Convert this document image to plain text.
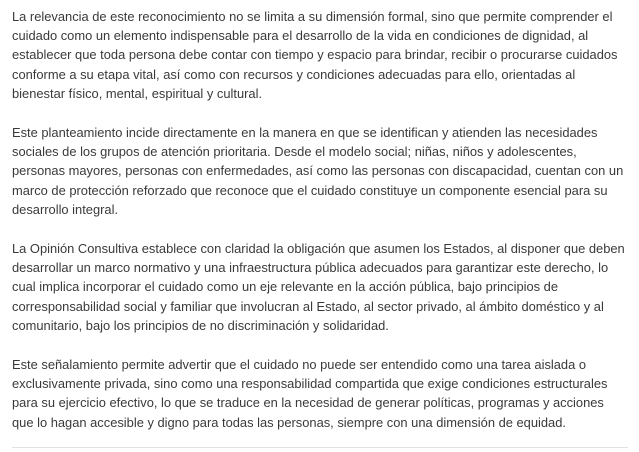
La relevancia de este reconocimiento no se limita a su dimensión formal, sino que permite comprender el cuidado como un elemento indispensable para el desarrollo de la vida en condiciones de dignidad, al establecer que toda persona debe contar con tiempo y espacio para brindar, recibir o procurarse cuidados conforme a su etapa vital, así como con recursos y condiciones adecuadas para ello, orientadas al bienestar físico, mental, espiritual y cultural.

Este planteamiento incide directamente en la manera en que se identifican y atienden las necesidades sociales de los grupos de atención prioritaria. Desde el modelo social; niñas, niños y adolescentes, personas mayores, personas con enfermedades, así como las personas con discapacidad, cuentan con un marco de protección reforzado que reconoce que el cuidado constituye un componente esencial para su desarrollo integral.

La Opinión Consultiva establece con claridad la obligación que asumen los Estados, al disponer que deben desarrollar un marco normativo y una infraestructura pública adecuados para garantizar este derecho, lo cual implica incorporar el cuidado como un eje relevante en la acción pública, bajo principios de corresponsabilidad social y familiar que involucran al Estado, al sector privado, al ámbito doméstico y al comunitario, bajo los principios de no discriminación y solidaridad.

Este señalamiento permite advertir que el cuidado no puede ser entendido como una tarea aislada o exclusivamente privada, sino como una responsabilidad compartida que exige condiciones estructurales para su ejercicio efectivo, lo que se traduce en la necesidad de generar políticas, programas y acciones que lo hagan accesible y digno para todas las personas, siempre con una dimensión de equidad.
